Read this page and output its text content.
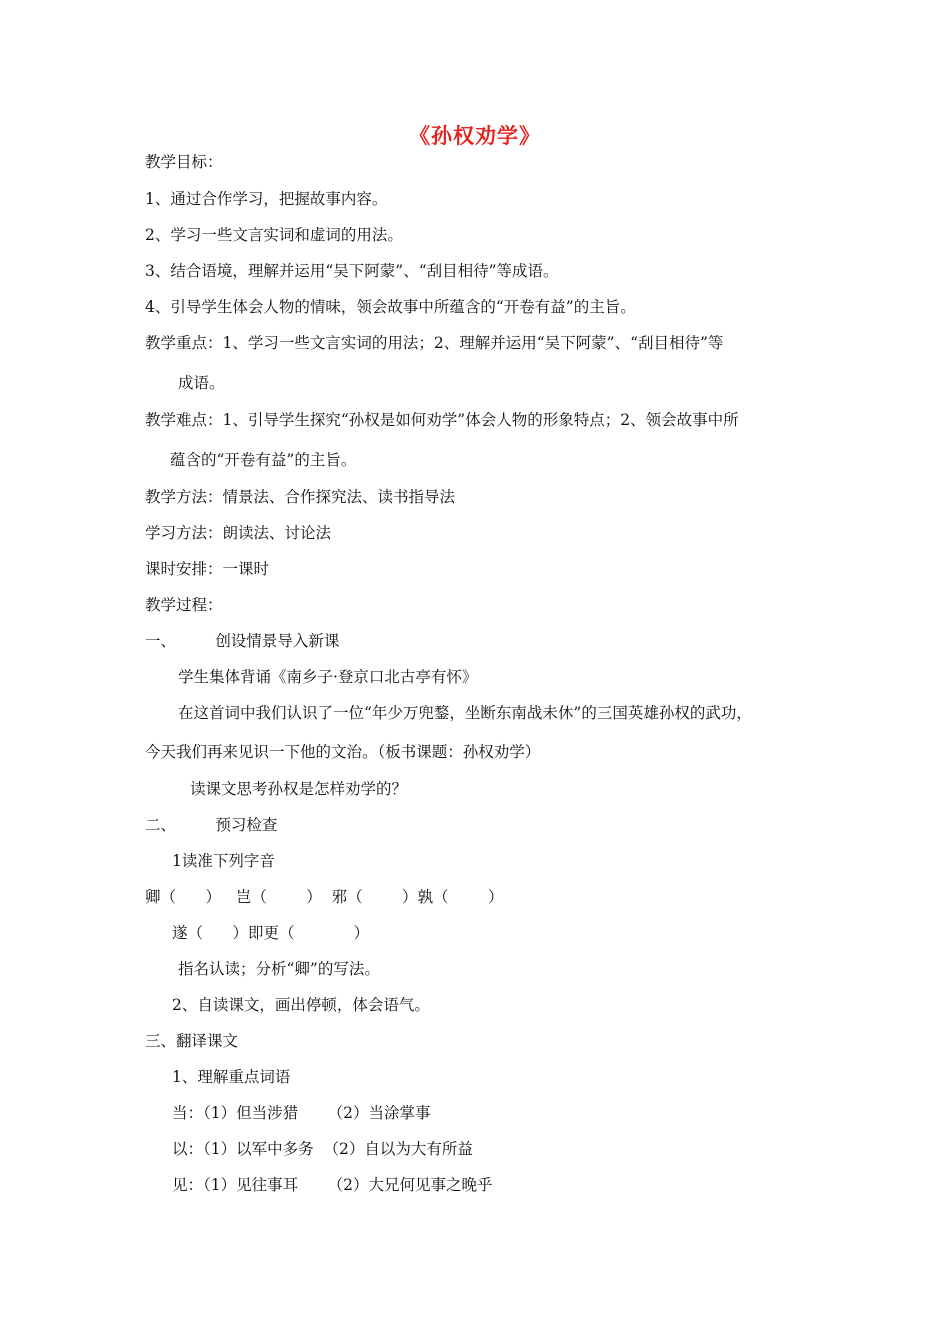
《孙权劝学》
教学目标：
1、通过合作学习，把握故事内容。
2、学习一些文言实词和虚词的用法。
3、结合语境，理解并运用“吴下阿蒙”、“刮目相待”等成语。
4、引导学生体会人物的情味，领会故事中所蕴含的“开卷有益”的主旨。
教学重点：1、学习一些文言实词的用法；2、理解并运用“吴下阿蒙”、“刮目相待”等
成语。
教学难点：1、引导学生探究“孙权是如何劝学”体会人物的形象特点；2、领会故事中所
蕴含的“开卷有益”的主旨。
教学方法：情景法、合作探究法、读书指导法
学习方法：朗读法、讨论法
课时安排：一课时
教学过程：
一、        创设情景导入新课
学生集体背诵《南乡子·登京口北古亭有怀》
在这首词中我们认识了一位“年少万兜鍪，坐断东南战未休”的三国英雄孙权的武功，
今天我们再来见识一下他的文治。（板书课题：孙权劝学）
读课文思考孙权是怎样劝学的？
二、        预习检查
1读准下列字音
卿（      ）   岂（        ）  邪（        ）孰（        ）
遂（      ）即更（            ）
指名认读；分析“卿”的写法。
2、自读课文，画出停顿，体会语气。
三、翻译课文
1、理解重点词语
当：（1）但当涉猎      （2）当涂掌事
以：（1）以军中多务  （2）自以为大有所益
见：（1）见往事耳      （2）大兄何见事之晚乎
